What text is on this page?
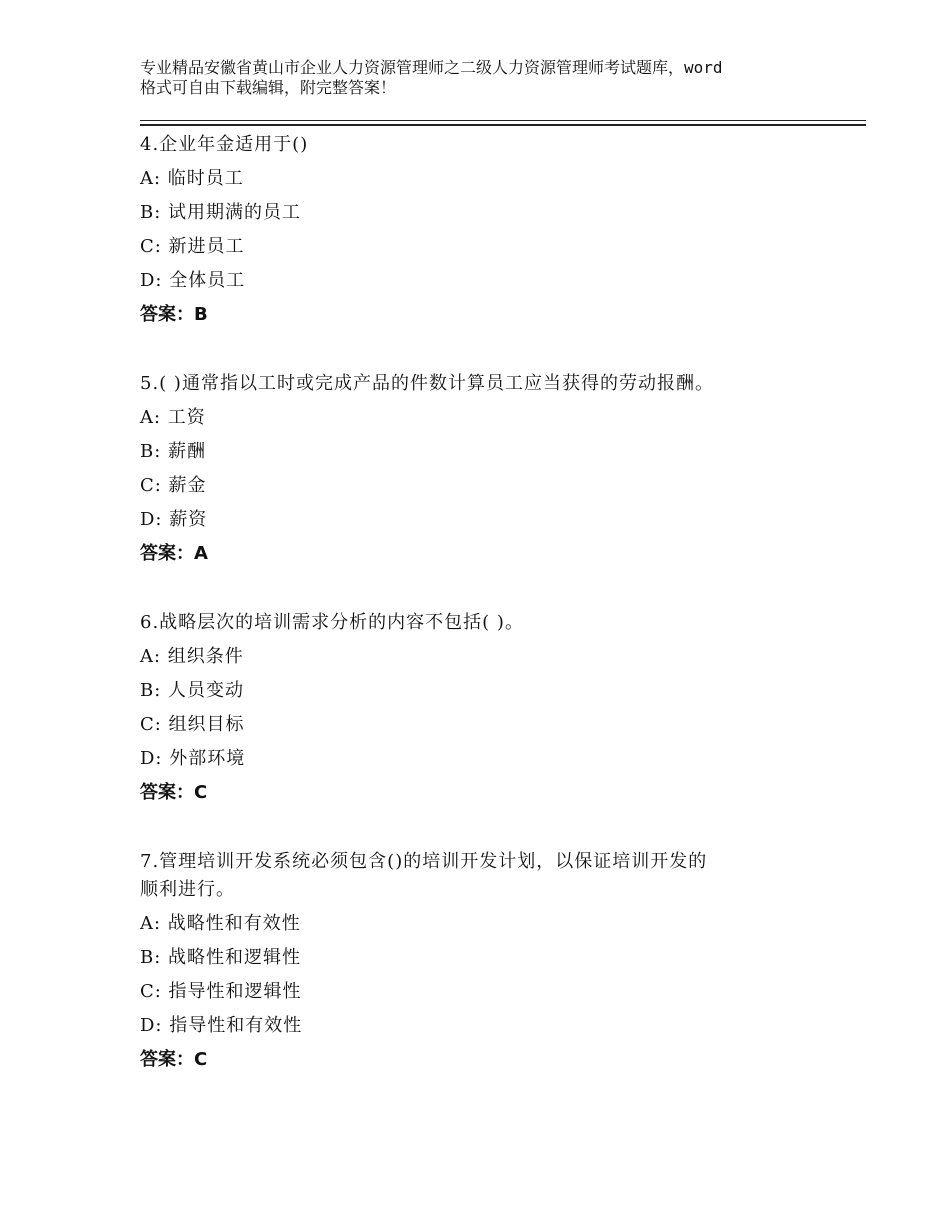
专业精品安徽省黄山市企业人力资源管理师之二级人力资源管理师考试题库，word
格式可自由下载编辑，附完整答案！
4.企业年金适用于()
A: 临时员工
B: 试用期满的员工
C: 新进员工
D: 全体员工
答案：B
5.( )通常指以工时或完成产品的件数计算员工应当获得的劳动报酬。
A: 工资
B: 薪酬
C: 薪金
D: 薪资
答案：A
6.战略层次的培训需求分析的内容不包括( )。
A: 组织条件
B: 人员变动
C: 组织目标
D: 外部环境
答案：C
7.管理培训开发系统必须包含()的培训开发计划，以保证培训开发的
顺利进行。
A: 战略性和有效性
B: 战略性和逻辑性
C: 指导性和逻辑性
D: 指导性和有效性
答案：C
